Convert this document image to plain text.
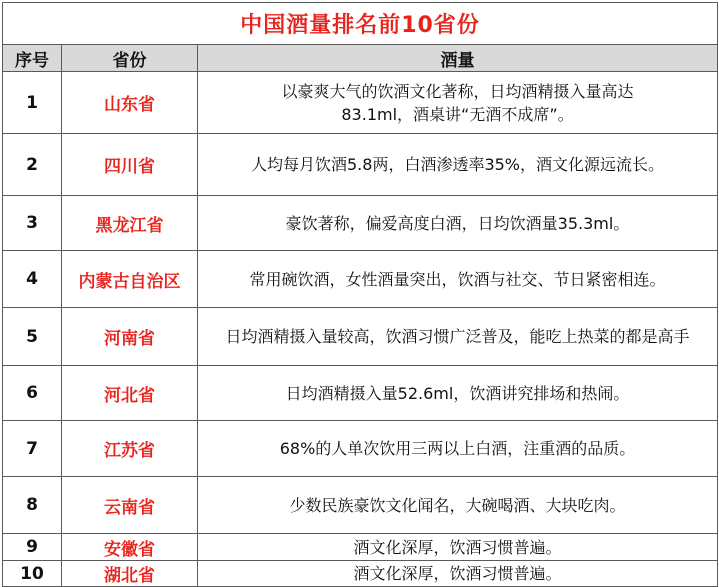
中国酒量排名前10省份		
序号	省份	酒量
1	山东省	以豪爽大气的饮酒文化著称，日均酒精摄入量高达83.1ml，酒桌讲“无酒不成席”。
2	四川省	人均每月饮酒5.8两，白酒渗透率35%，酒文化源远流长。
3	黑龙江省	豪饮著称，偏爱高度白酒，日均饮酒量35.3ml。
4	内蒙古自治区	常用碗饮酒，女性酒量突出，饮酒与社交、节日紧密相连。
5	河南省	日均酒精摄入量较高，饮酒习惯广泛普及，能吃上热菜的都是高手
6	河北省	日均酒精摄入量52.6ml，饮酒讲究排场和热闹。
7	江苏省	68%的人单次饮用三两以上白酒，注重酒的品质。
8	云南省	少数民族豪饮文化闻名，大碗喝酒、大块吃肉。
9	安徽省	酒文化深厚，饮酒习惯普遍。
10	湖北省	酒文化深厚，饮酒习惯普遍。
